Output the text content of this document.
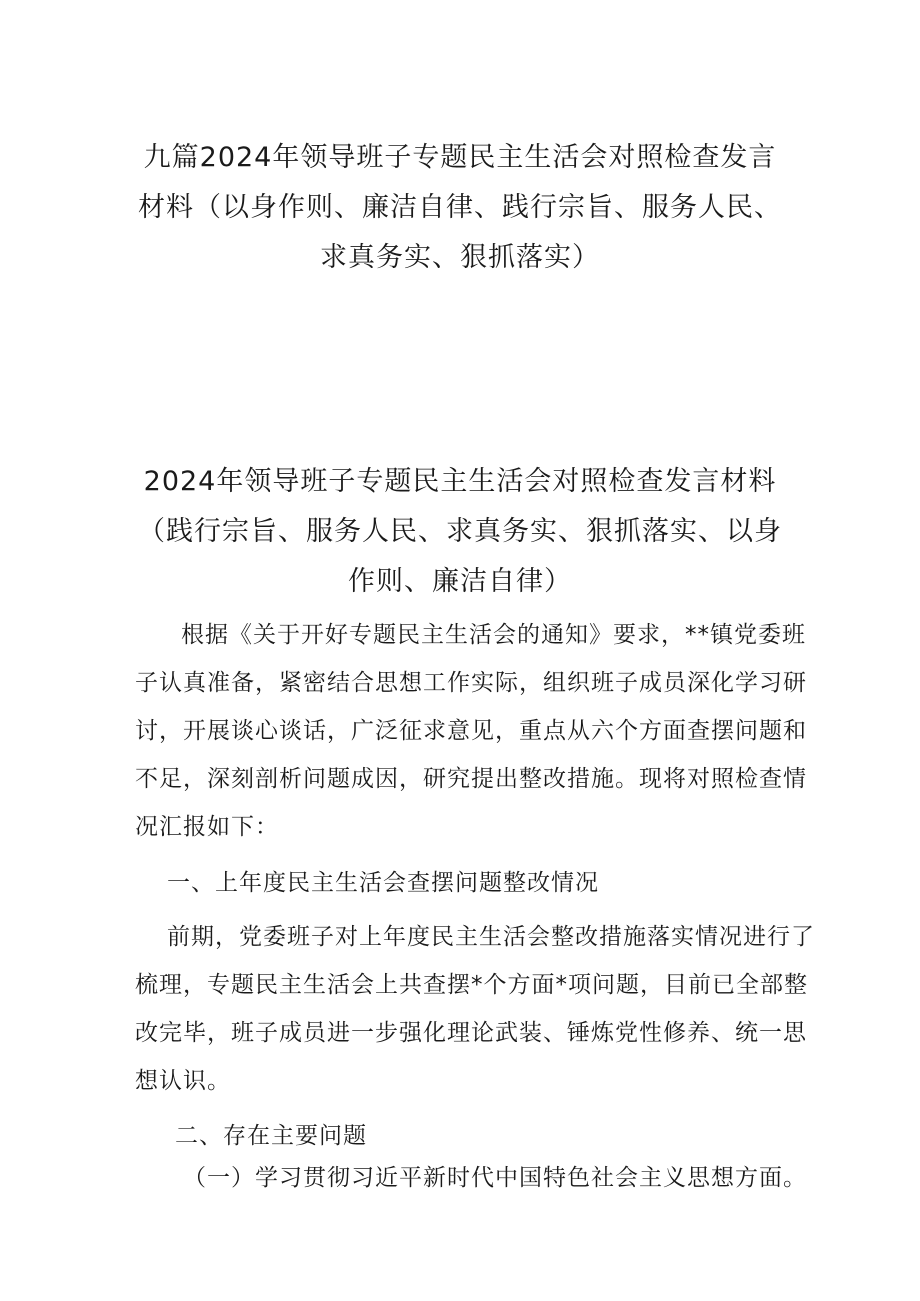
九篇2024年领导班子专题民主生活会对照检查发言
材料（以身作则、廉洁自律、践行宗旨、服务人民、
求真务实、狠抓落实）
2024年领导班子专题民主生活会对照检查发言材料
（践行宗旨、服务人民、求真务实、狠抓落实、以身
作则、廉洁自律）
根据《关于开好专题民主生活会的通知》要求，**镇党委班
子认真准备，紧密结合思想工作实际，组织班子成员深化学习研
讨，开展谈心谈话，广泛征求意见，重点从六个方面查摆问题和
不足，深刻剖析问题成因，研究提出整改措施。现将对照检查情
况汇报如下：
一、上年度民主生活会查摆问题整改情况
前期，党委班子对上年度民主生活会整改措施落实情况进行了
梳理，专题民主生活会上共查摆*个方面*项问题，目前已全部整
改完毕，班子成员进一步强化理论武装、锤炼党性修养、统一思
想认识。
二、存在主要问题
（一）学习贯彻习近平新时代中国特色社会主义思想方面。
